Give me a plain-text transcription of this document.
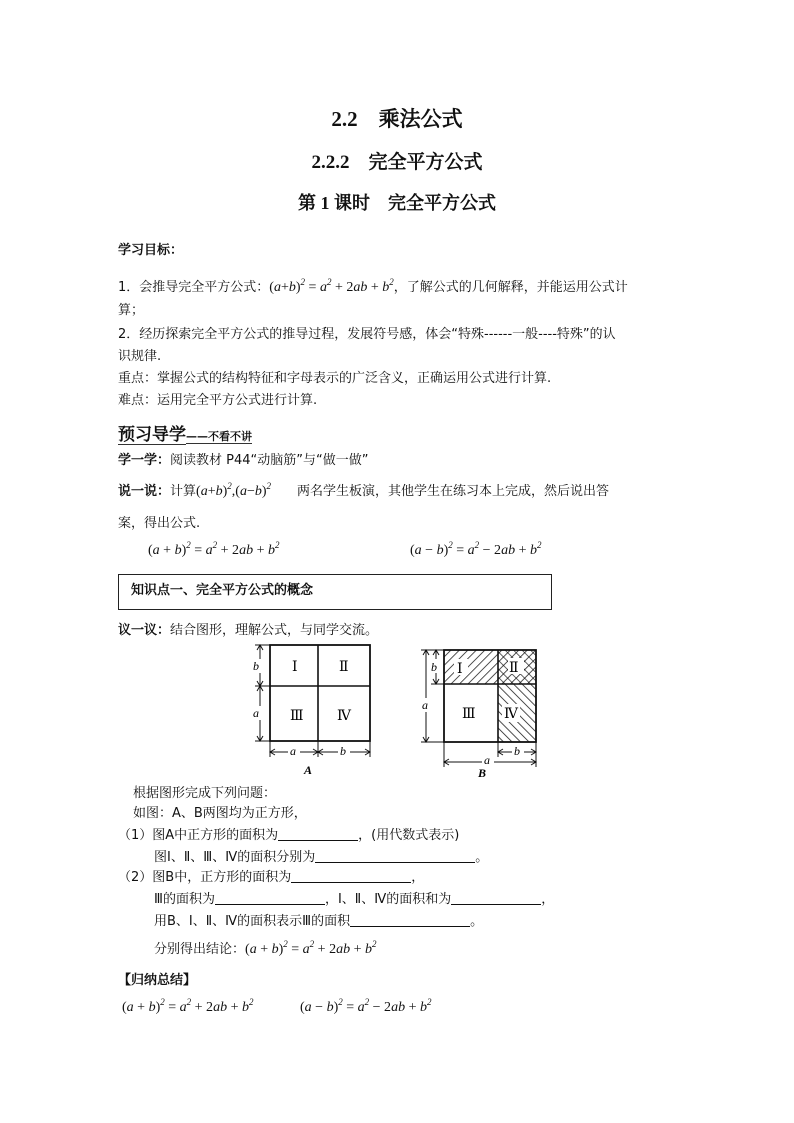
2.2　乘法公式
2.2.2　完全平方公式
第 1 课时　完全平方公式
学习目标：
1．会推导完全平方公式：$(a+b)^2 = a^2 + 2ab + b^2$，了解公式的几何解释，并能运用公式计
算；
2．经历探索完全平方公式的推导过程，发展符号感，体会“特殊------一般----特殊”的认
识规律.
重点：掌握公式的结构特征和字母表示的广泛含义，正确运用公式进行计算.
难点：运用完全平方公式进行计算.
预习导学——不看不讲
学一学：阅读教材 P44“动脑筋”与“做一做”
说一说：计算$(a+b)^2,(a-b)^2$ 两名学生板演，其他学生在练习本上完成，然后说出答
案，得出公式.
$(a + b)^2 = a^2 + 2ab + b^2$	$(a - b)^2 = a^2 - 2ab + b^2$
知识点一、完全平方公式的概念
议一议：结合图形，理解公式，与同学交流。
Ⅰ	Ⅱ
Ⅲ Ⅳ
b
a
a	b
A
Ⅰ	Ⅱ
Ⅲ Ⅳ
b
a
a
b
B
根据图形完成下列问题：
如图：A、B两图均为正方形，
（1）图A中正方形的面积为	，(用代数式表示)
图Ⅰ、Ⅱ、Ⅲ、Ⅳ的面积分别为	。
（2）图B中，正方形的面积为	，
Ⅲ的面积为	，Ⅰ、Ⅱ、Ⅳ的面积和为	，
用B、Ⅰ、Ⅱ、Ⅳ的面积表示Ⅲ的面积	。
分别得出结论：$(a + b)^2 = a^2 + 2ab + b^2$
【归纳总结】
$(a + b)^2 = a^2 + 2ab + b^2$	$(a - b)^2 = a^2 - 2ab + b^2$
